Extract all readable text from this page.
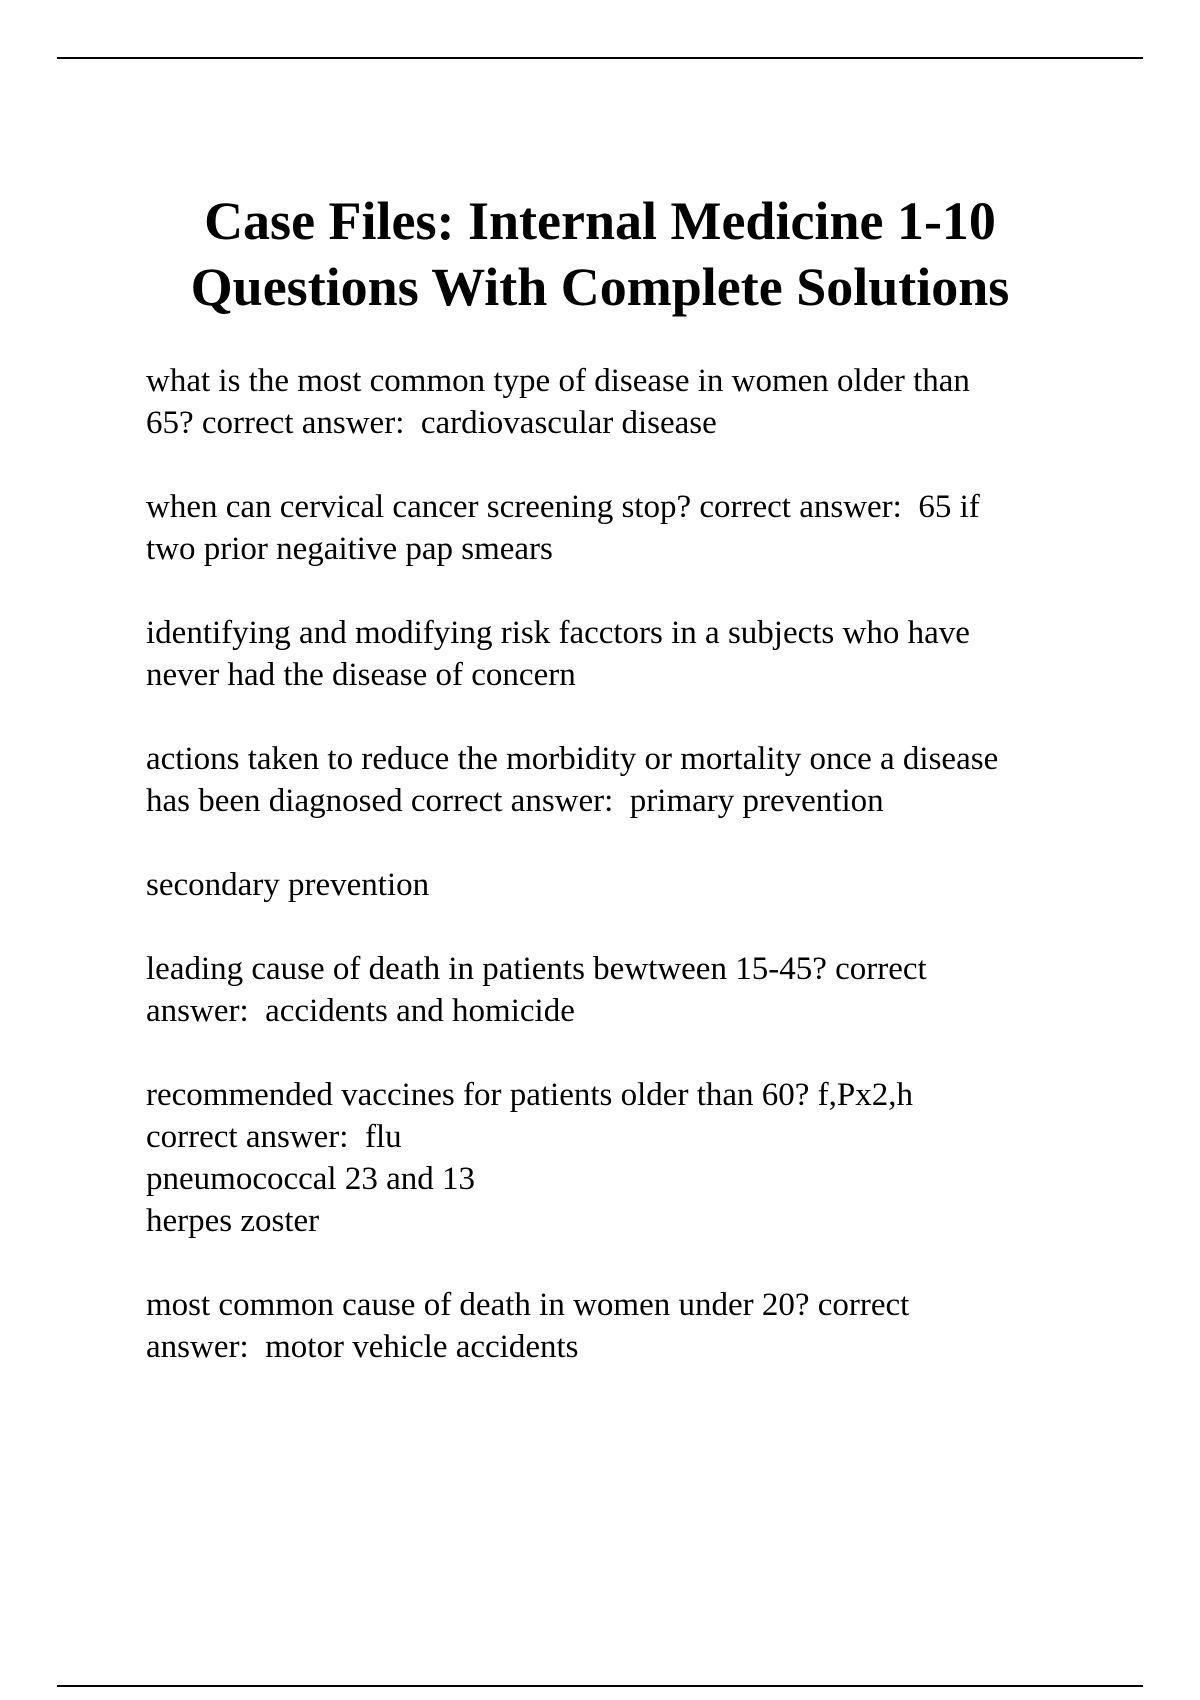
Case Files: Internal Medicine 1-10
Questions With Complete Solutions
what is the most common type of disease in women older than
65? correct answer:  cardiovascular disease
when can cervical cancer screening stop? correct answer:  65 if
two prior negaitive pap smears
identifying and modifying risk facctors in a subjects who have
never had the disease of concern
actions taken to reduce the morbidity or mortality once a disease
has been diagnosed correct answer:  primary prevention
secondary prevention
leading cause of death in patients bewtween 15-45? correct
answer:  accidents and homicide
recommended vaccines for patients older than 60? f,Px2,h
correct answer:  flu
pneumococcal 23 and 13
herpes zoster
most common cause of death in women under 20? correct
answer:  motor vehicle accidents
